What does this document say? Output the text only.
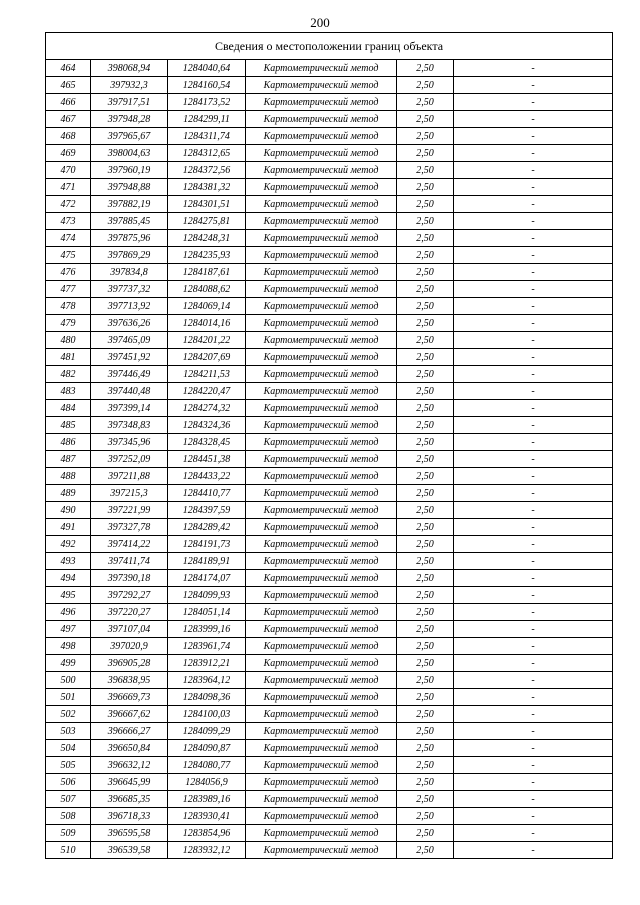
200
Сведения о местоположении границ объекта					
464	398068,94	1284040,64	Картометрический метод	2,50	-
465	397932,3	1284160,54	Картометрический метод	2,50	-
466	397917,51	1284173,52	Картометрический метод	2,50	-
467	397948,28	1284299,11	Картометрический метод	2,50	-
468	397965,67	1284311,74	Картометрический метод	2,50	-
469	398004,63	1284312,65	Картометрический метод	2,50	-
470	397960,19	1284372,56	Картометрический метод	2,50	-
471	397948,88	1284381,32	Картометрический метод	2,50	-
472	397882,19	1284301,51	Картометрический метод	2,50	-
473	397885,45	1284275,81	Картометрический метод	2,50	-
474	397875,96	1284248,31	Картометрический метод	2,50	-
475	397869,29	1284235,93	Картометрический метод	2,50	-
476	397834,8	1284187,61	Картометрический метод	2,50	-
477	397737,32	1284088,62	Картометрический метод	2,50	-
478	397713,92	1284069,14	Картометрический метод	2,50	-
479	397636,26	1284014,16	Картометрический метод	2,50	-
480	397465,09	1284201,22	Картометрический метод	2,50	-
481	397451,92	1284207,69	Картометрический метод	2,50	-
482	397446,49	1284211,53	Картометрический метод	2,50	-
483	397440,48	1284220,47	Картометрический метод	2,50	-
484	397399,14	1284274,32	Картометрический метод	2,50	-
485	397348,83	1284324,36	Картометрический метод	2,50	-
486	397345,96	1284328,45	Картометрический метод	2,50	-
487	397252,09	1284451,38	Картометрический метод	2,50	-
488	397211,88	1284433,22	Картометрический метод	2,50	-
489	397215,3	1284410,77	Картометрический метод	2,50	-
490	397221,99	1284397,59	Картометрический метод	2,50	-
491	397327,78	1284289,42	Картометрический метод	2,50	-
492	397414,22	1284191,73	Картометрический метод	2,50	-
493	397411,74	1284189,91	Картометрический метод	2,50	-
494	397390,18	1284174,07	Картометрический метод	2,50	-
495	397292,27	1284099,93	Картометрический метод	2,50	-
496	397220,27	1284051,14	Картометрический метод	2,50	-
497	397107,04	1283999,16	Картометрический метод	2,50	-
498	397020,9	1283961,74	Картометрический метод	2,50	-
499	396905,28	1283912,21	Картометрический метод	2,50	-
500	396838,95	1283964,12	Картометрический метод	2,50	-
501	396669,73	1284098,36	Картометрический метод	2,50	-
502	396667,62	1284100,03	Картометрический метод	2,50	-
503	396666,27	1284099,29	Картометрический метод	2,50	-
504	396650,84	1284090,87	Картометрический метод	2,50	-
505	396632,12	1284080,77	Картометрический метод	2,50	-
506	396645,99	1284056,9	Картометрический метод	2,50	-
507	396685,35	1283989,16	Картометрический метод	2,50	-
508	396718,33	1283930,41	Картометрический метод	2,50	-
509	396595,58	1283854,96	Картометрический метод	2,50	-
510	396539,58	1283932,12	Картометрический метод	2,50	-
